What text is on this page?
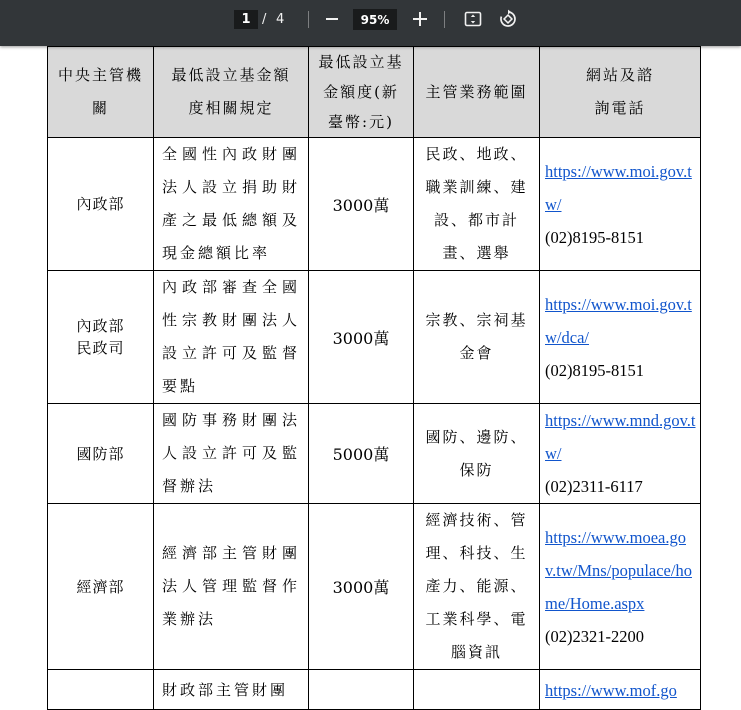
1 / 4	95%
中央主管機關	最低設立基金額度相關規定	最低設立基金額度(新臺幣:元)	主管業務範圍	網站及諮詢電話
內政部	全國性內政財團法人設立捐助財產之最低總額及現金總額比率	3000萬	民政、地政、職業訓練、建設、都市計畫、選舉	https://www.moi.gov.tw/
(02)8195-8151

內政部民政司	內政部審查全國性宗教財團法人設立許可及監督要點	3000萬	宗教、宗祠基金會	https://www.moi.gov.tw/dca/
(02)8195-8151

國防部	國防事務財團法人設立許可及監督辦法	5000萬	國防、邊防、保防	https://www.mnd.gov.tw/
(02)2311-6117

經濟部	經濟部主管財團法人管理監督作業辦法	3000萬	經濟技術、管理、科技、生產力、能源、工業科學、電腦資訊	https://www.moea.gov.tw/Mns/populace/home/Home.aspx
(02)2321-2200

	財政部主管財團			https://www.mof.go
